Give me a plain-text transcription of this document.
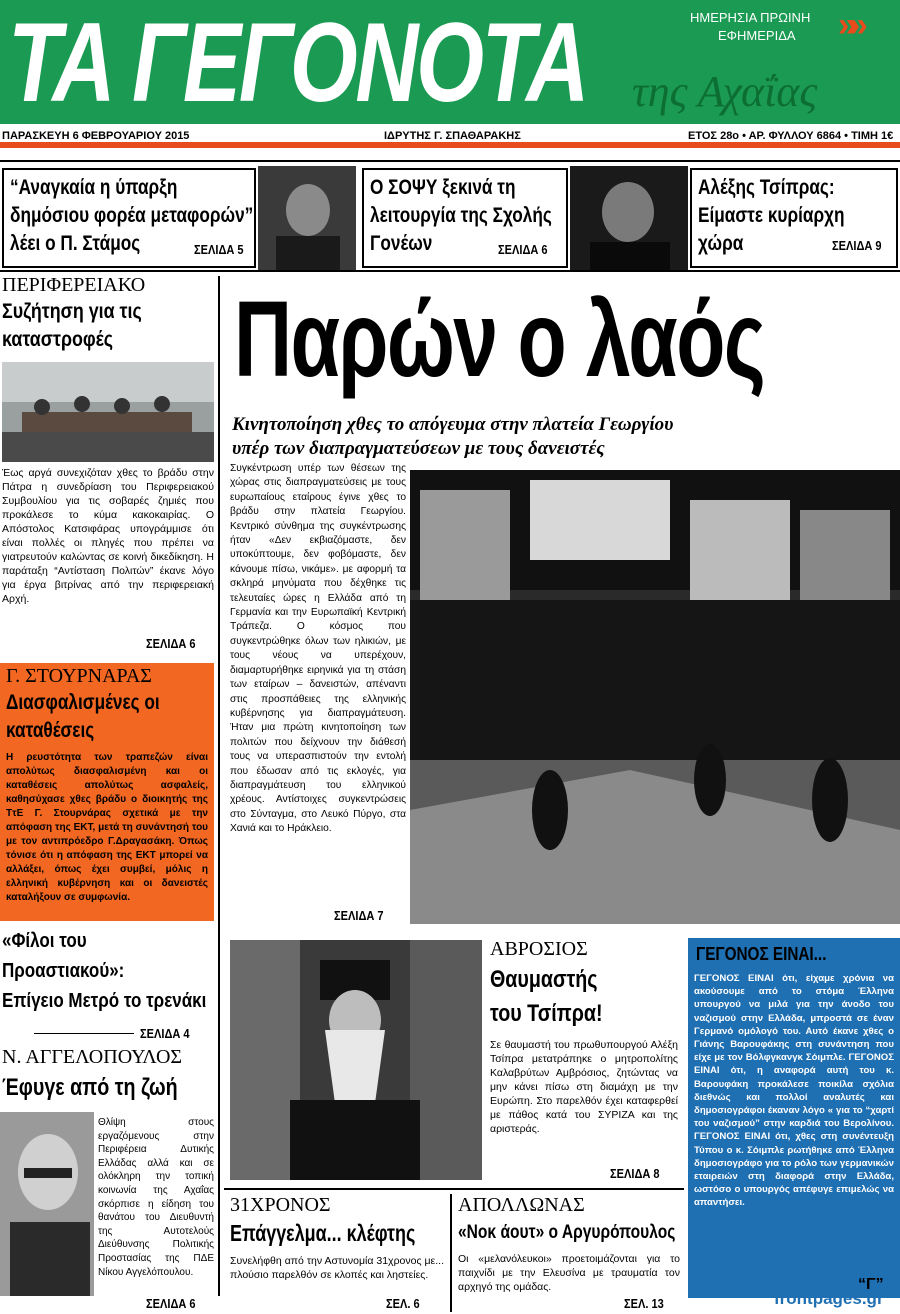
ΤΑ ΓΕΓΟΝΟΤΑ της Αχαΐας
ΗΜΕΡΗΣΙΑ ΠΡΩΙΝΗ
ΕΦΗΜΕΡΙΔΑ »»
ΠΑΡΑΣΚΕΥΗ 6 ΦΕΒΡΟΥΑΡΙΟΥ 2015	ΙΔΡΥΤΗΣ Γ. ΣΠΑΘΑΡΑΚΗΣ	ΕΤΟΣ 28ο • ΑΡ. ΦΥΛΛΟΥ 6864 • ΤΙΜΗ 1€
“Αναγκαία η ύπαρξη
δημόσιου φορέα μεταφορών”
λέει ο Π. Στάμος	ΣΕΛΙΔΑ 5
Ο ΣΟΨΥ ξεκινά τη
λειτουργία της Σχολής
Γονέων	ΣΕΛΙΔΑ 6
Αλέξης Τσίπρας:
Είμαστε κυρίαρχη
χώρα	ΣΕΛΙΔΑ 9
ΠΕΡΙΦΕΡΕΙΑΚΟ
Συζήτηση για τις
καταστροφές

Έως αργά συνεχιζόταν χθες το βράδυ στην Πάτρα η συνεδρίαση του Περιφερειακού Συμβουλίου για τις σοβαρές ζημιές που προκάλεσε το κύμα κακοκαιρίας. Ο Απόστολος Κατσιφάρας υπογράμμισε ότι είναι πολλές οι πληγές που πρέπει να γιατρευτούν καλώντας σε κοινή δικεδίκηση. Η παράταξη “Αντίσταση Πολιτών” έκανε λόγο για έργα βιτρίνας από την περιφερειακή Αρχή.

ΣΕΛΙΔΑ 6
Γ. ΣΤΟΥΡΝΑΡΑΣ
Διασφαλισμένες οι
καταθέσεις

Η ρευστότητα των τραπεζών είναι απολύτως διασφαλισμένη και οι καταθέσεις απολύτως ασφαλείς, καθησύχασε χθες βράδυ ο διοικητής της ΤτΕ Γ. Στουρνάρας σχετικά με την απόφαση της ΕΚΤ, μετά τη συνάντησή του με τον αντιπρόεδρο Γ.Δραγασάκη. Όπως τόνισε ότι η απόφαση της ΕΚΤ μπορεί να αλλάξει, όπως έχει συμβεί, μόλις η ελληνική κυβέρνηση και οι δανειστές καταλήξουν σε συμφωνία.

«Φίλοι του
Προαστιακού»:
Επίγειο Μετρό το τρενάκι
ΣΕΛΙΔΑ 4
Ν. ΑΓΓΕΛΟΠΟΥΛΟΣ
Έφυγε από τη ζωή

Θλίψη στους εργαζόμενους στην Περιφέρεια Δυτικής Ελλάδας αλλά και σε ολόκληρη την τοπική κοινωνία της Αχαΐας σκόρπισε η είδηση του θανάτου του Διευθυντή της Αυτοτελούς Διεύθυνσης Πολιτικής Προστασίας της ΠΔΕ Νίκου Αγγελόπουλου.

ΣΕΛΙΔΑ 6
Παρών ο λαός
Κινητοποίηση χθες το απόγευμα στην πλατεία Γεωργίου
υπέρ των διαπραγματεύσεων με τους δανειστές

Συγκέντρωση υπέρ των θέσεων της χώρας στις διαπραγματεύσεις με τους ευρωπαίους εταίρους έγινε χθες το βράδυ στην πλατεία Γεωργίου. Κεντρικό σύνθημα της συγκέντρωσης ήταν «Δεν εκβιαζόμαστε, δεν υποκύπτουμε, δεν φοβόμαστε, δεν κάνουμε πίσω, νικάμε». με αφορμή τα σκληρά μηνύματα που δέχθηκε τις τελευταίες ώρες η Ελλάδα από τη Γερμανία και την Ευρωπαϊκή Κεντρική Τράπεζα. Ο κόσμος που συγκεντρώθηκε όλων των ηλικιών, με τους νέους να υπερέχουν, διαμαρτυρήθηκε ειρηνικά για τη στάση των εταίρων – δανειστών, απέναντι στις προσπάθειες της ελληνικής κυβέρνησης για διαπραγμάτευση. Ήταν μια πρώτη κινητοποίηση των πολιτών που δείχνουν την διάθεσή τους να υπερασπιστούν την εντολή που έδωσαν από τις εκλογές, για διαπραγμάτευση του ελληνικού χρέους. Αντίστοιχες συγκεντρώσεις στο Σύνταγμα, στο Λευκό Πύργο, στα Χανιά και το Ηράκλειο.

ΣΕΛΙΔΑ 7
ΑΒΡΟΣΙΟΣ
Θαυμαστής
του Τσίπρα!

Σε θαυμαστή του πρωθυπουργού Αλέξη Τσίπρα μετατράπηκε ο μητροπολίτης Καλαβρύτων Αμβρόσιος, ζητώντας να μην κάνει πίσω στη διαμάχη με την Ευρώπη. Στο παρελθόν έχει καταφερθεί με πάθος κατά του ΣΥΡΙΖΑ και της αριστεράς.

ΣΕΛΙΔΑ 8
31ΧΡΟΝΟΣ
Επάγγελμα... κλέφτης

Συνελήφθη από την Αστυνομία 31χρονος με... πλούσιο παρελθόν σε κλοπές και ληστείες.

ΣΕΛ. 6
ΑΠΟΛΛΩΝΑΣ
«Νοκ άουτ» ο Αργυρόπουλος

Οι «μελανόλευκοι» προετοιμάζονται για το παιχνίδι με την Ελευσίνα με τραυματία τον αρχηγό της ομάδας.

ΣΕΛ. 13
ΓΕΓΟΝΟΣ ΕΙΝΑΙ...

ΓΕΓΟΝΟΣ ΕΙΝΑΙ ότι, είχαμε χρόνια να ακούσουμε από το στόμα Έλληνα υπουργού να μιλά για την άνοδο του ναζισμού στην Ελλάδα, μπροστά σε έναν Γερμανό ομόλογό του. Αυτό έκανε χθες ο Γιάνης Βαρουφάκης στη συνάντηση που είχε με τον Βόλφγκανγκ Σόιμπλε. ΓΕΓΟΝΟΣ ΕΙΝΑΙ ότι, η αναφορά αυτή του κ. Βαρουφάκη προκάλεσε ποικίλα σχόλια διεθνώς και πολλοί αναλυτές και δημοσιογράφοι έκαναν λόγο « για το “χαρτί του ναζισμού” στην καρδιά του Βερολίνου. ΓΕΓΟΝΟΣ ΕΙΝΑΙ ότι, χθες στη συνέντευξη Τύπου ο κ. Σόιμπλε ρωτήθηκε από Έλληνα δημοσιογράφο για το ρόλο των γερμανικών εταιρειών στη διαφορά στην Ελλάδα, ωστόσο ο υπουργός απέφυγε επιμελώς να απαντήσει.

“Γ”
digitized for
frontpages.gr
